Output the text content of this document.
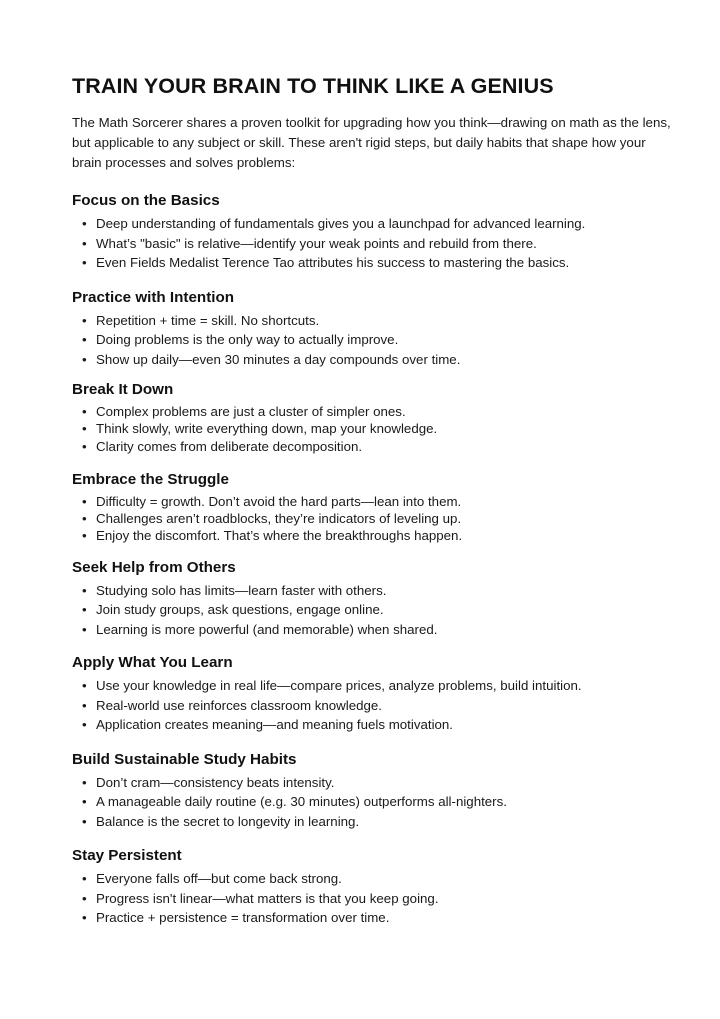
TRAIN YOUR BRAIN TO THINK LIKE A GENIUS

The Math Sorcerer shares a proven toolkit for upgrading how you think—drawing on math as the lens, but applicable to any subject or skill. These aren't rigid steps, but daily habits that shape how your brain processes and solves problems:

Focus on the Basics
• Deep understanding of fundamentals gives you a launchpad for advanced learning.
• What’s "basic" is relative—identify your weak points and rebuild from there.
• Even Fields Medalist Terence Tao attributes his success to mastering the basics.
Practice with Intention
• Repetition + time = skill. No shortcuts.
• Doing problems is the only way to actually improve.
• Show up daily—even 30 minutes a day compounds over time.
Break It Down
• Complex problems are just a cluster of simpler ones.
• Think slowly, write everything down, map your knowledge.
• Clarity comes from deliberate decomposition.
Embrace the Struggle
• Difficulty = growth. Don’t avoid the hard parts—lean into them.
• Challenges aren’t roadblocks, they’re indicators of leveling up.
• Enjoy the discomfort. That’s where the breakthroughs happen.
Seek Help from Others
• Studying solo has limits—learn faster with others.
• Join study groups, ask questions, engage online.
• Learning is more powerful (and memorable) when shared.
Apply What You Learn
• Use your knowledge in real life—compare prices, analyze problems, build intuition.
• Real-world use reinforces classroom knowledge.
• Application creates meaning—and meaning fuels motivation.
Build Sustainable Study Habits
• Don’t cram—consistency beats intensity.
• A manageable daily routine (e.g. 30 minutes) outperforms all-nighters.
• Balance is the secret to longevity in learning.
Stay Persistent
• Everyone falls off—but come back strong.
• Progress isn't linear—what matters is that you keep going.
• Practice + persistence = transformation over time.
